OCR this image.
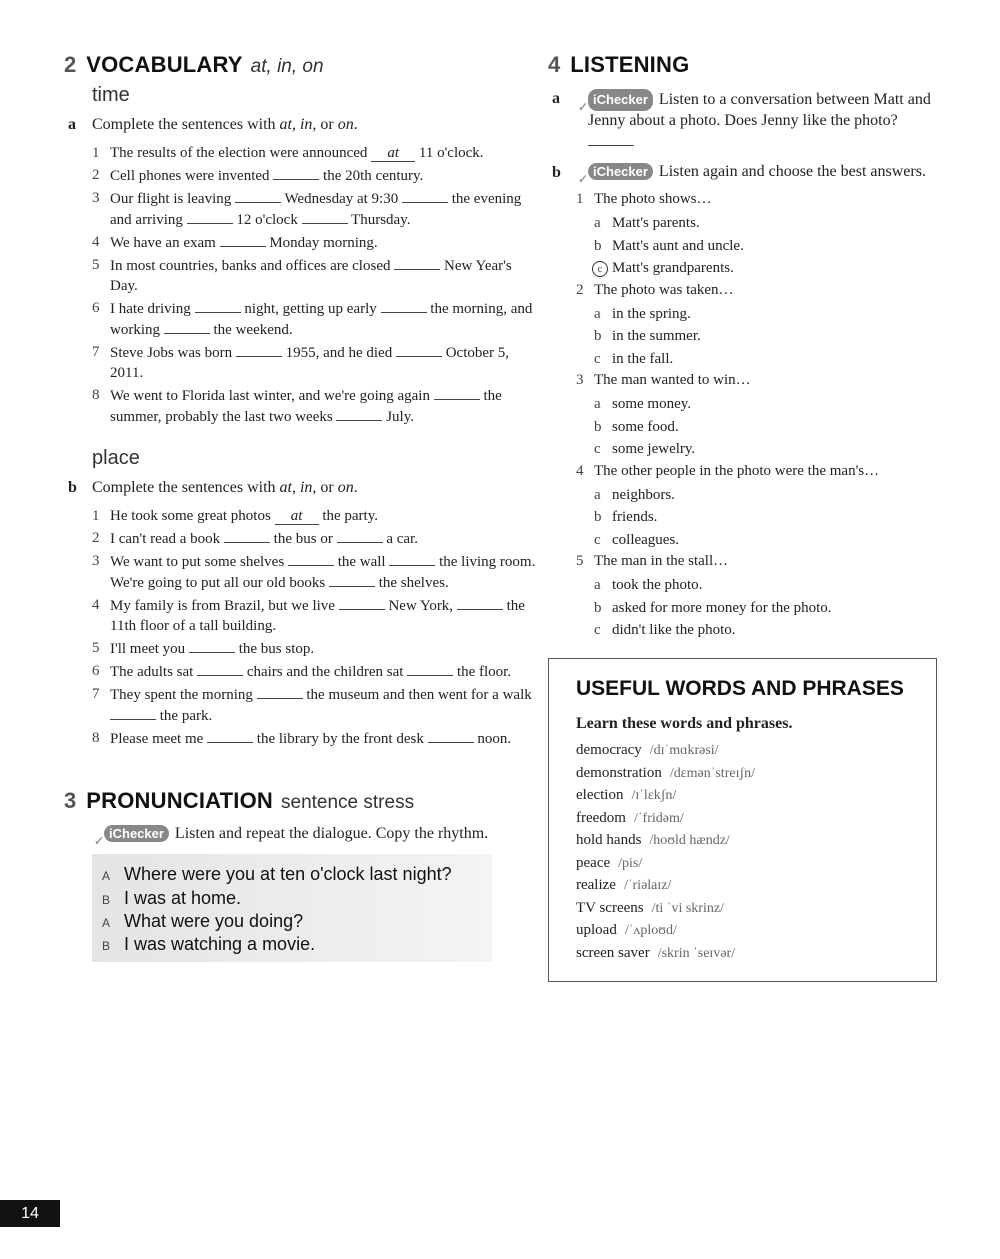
2 VOCABULARY at, in, on
time
a Complete the sentences with at, in, or on.
1 The results of the election were announced at 11 o'clock.
2 Cell phones were invented	the 20th century.
3 Our flight is leaving	Wednesday at 9:30	the evening and arriving	12 o'clock	Thursday.
4 We have an exam	Monday morning.
5 In most countries, banks and offices are closed	New Year's Day.
6 I hate driving	night, getting up early	the morning, and working	the weekend.
7 Steve Jobs was born	1955, and he died	October 5, 2011.
8 We went to Florida last winter, and we're going again	the summer, probably the last two weeks	July.
place
b Complete the sentences with at, in, or on.
1 He took some great photos at the party.
2 I can't read a book	the bus or	a car.
3 We want to put some shelves	the wall	the living room. We're going to put all our old books	the shelves.
4 My family is from Brazil, but we live	New York,	the 11th floor of a tall building.
5 I'll meet you	the bus stop.
6 The adults sat	chairs and the children sat	the floor.
7 They spent the morning	the museum and then went for a walk  the park.
8 Please meet me	the library by the front desk	noon.
3 PRONUNCIATION sentence stress
✓ iChecker Listen and repeat the dialogue. Copy the rhythm.
A Where were you at ten o'clock last night?
B I was at home.
A What were you doing?
B I was watching a movie.
4 LISTENING
a ✓ iChecker Listen to a conversation between Matt and Jenny about a photo. Does Jenny like the photo?
b ✓ iChecker Listen again and choose the best answers.
1 The photo shows…
a Matt's parents.
b Matt's aunt and uncle.
c Matt's grandparents.
2 The photo was taken…
a in the spring.
b in the summer.
c in the fall.
3 The man wanted to win…
a some money.
b some food.
c some jewelry.
4 The other people in the photo were the man's…
a neighbors.
b friends.
c colleagues.
5 The man in the stall…
a took the photo.
b asked for more money for the photo.
c didn't like the photo.
USEFUL WORDS AND PHRASES
Learn these words and phrases.
democracy /dɪˈmɑkrəsi/
demonstration /dɛmənˈstreɪʃn/
election /ɪˈlɛkʃn/
freedom /ˈfridəm/
hold hands /hoʊld hændz/
peace /pis/
realize /ˈriəlaɪz/
TV screens /ti ˈvi skrinz/
upload /ˈʌploʊd/
screen saver /skrin ˈseɪvər/
14
